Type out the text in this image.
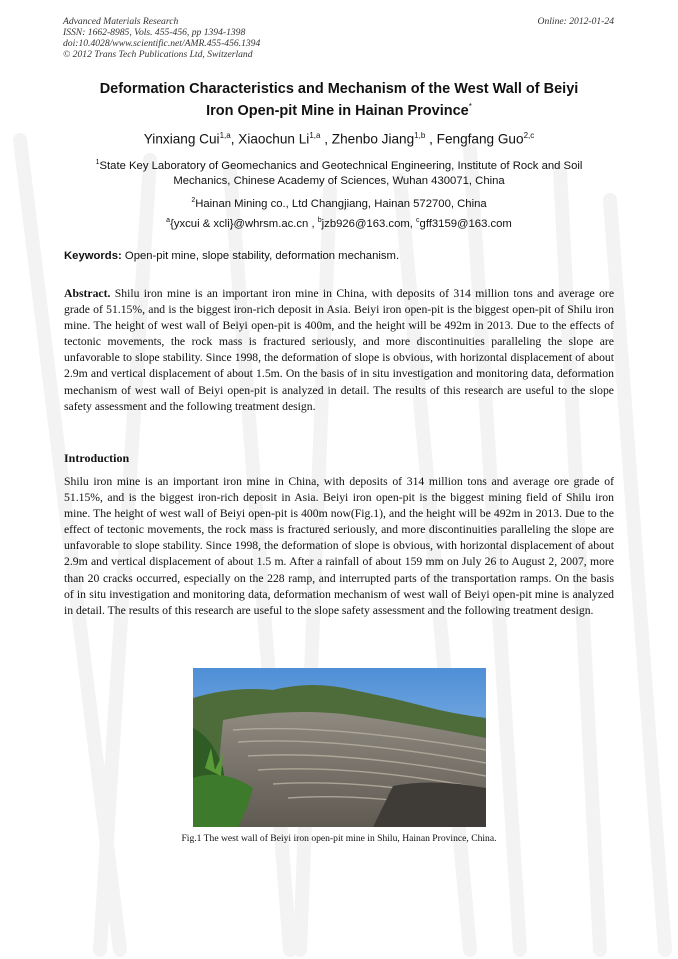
Advanced Materials Research
ISSN: 1662-8985, Vols. 455-456, pp 1394-1398
doi:10.4028/www.scientific.net/AMR.455-456.1394
© 2012 Trans Tech Publications Ltd, Switzerland
Online: 2012-01-24
Deformation Characteristics and Mechanism of the West Wall of Beiyi
Iron Open-pit Mine in Hainan Province*
Yinxiang Cui$^{1,a}$, Xiaochun Li$^{1,a}$ , Zhenbo Jiang$^{1,b}$ , Fengfang Guo$^{2,c}$
$^1$State Key Laboratory of Geomechanics and Geotechnical Engineering, Institute of Rock and Soil
Mechanics, Chinese Academy of Sciences, Wuhan 430071, China
$^2$Hainan Mining co., Ltd Changjiang, Hainan 572700, China
$^a${yxcui & xcli}@whrsm.ac.cn , $^b$jzb926@163.com, $^c$gff3159@163.com
Keywords: Open-pit mine, slope stability, deformation mechanism.

Abstract. Shilu iron mine is an important iron mine in China, with deposits of 314 million tons and average ore grade of 51.15%, and is the biggest iron-rich deposit in Asia. Beiyi iron open-pit is the biggest open-pit of Shilu iron mine. The height of west wall of Beiyi open-pit is 400m, and the height will be 492m in 2013. Due to the effects of tectonic movements, the rock mass is fractured seriously, and more discontinuities paralleling the slope are unfavorable to slope stability. Since 1998, the deformation of slope is obvious, with horizontal displacement of about 2.9m and vertical displacement of about 1.5m. On the basis of in situ investigation and monitoring data, deformation mechanism of west wall of Beiyi open-pit is analyzed in detail. The results of this research are useful to the slope safety assessment and the following treatment design.

Introduction

Shilu iron mine is an important iron mine in China, with deposits of 314 million tons and average ore grade of 51.15%, and is the biggest iron-rich deposit in Asia. Beiyi iron open-pit is the biggest mining field of Shilu iron mine. The height of west wall of Beiyi open-pit is 400m now(Fig.1), and the height will be 492m in 2013. Due to the effect of tectonic movements, the rock mass is fractured seriously, and more discontinuities paralleling the slope are unfavorable to slope stability. Since 1998, the deformation of slope is obvious, with horizontal displacement of about 2.9m and vertical displacement of about 1.5 m. After a rainfall of about 159 mm on July 26 to August 2, 2007, more than 20 cracks occurred, especially on the 228 ramp, and interrupted parts of the transportation ramps. On the basis of in situ investigation and monitoring data, deformation mechanism of west wall of Beiyi open-pit mine is analyzed in detail. The results of this research are useful to the slope safety assessment and the following treatment design.

Fig.1 The west wall of Beiyi iron open-pit mine in Shilu, Hainan Province, China.
